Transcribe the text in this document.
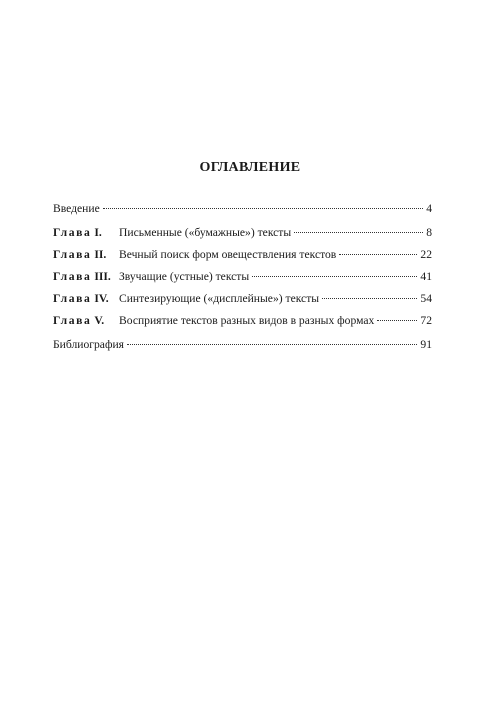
ОГЛАВЛЕНИЕ
Введение	4
Глава I.	Письменные («бумажные») тексты	8
Глава II.	Вечный поиск форм овеществления текстов	22
Глава III. Звучащие (устные) тексты	41
Глава IV. Синтезирующие («дисплейные») тексты	54
Глава V.	Восприятие текстов разных видов в разных формах	72
Библиография	91
